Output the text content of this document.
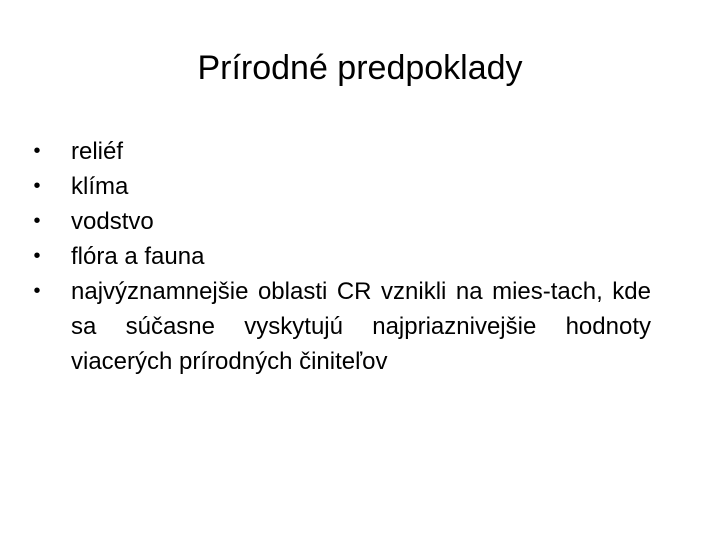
Prírodné predpoklady
• reliéf
• klíma
• vodstvo
• flóra a fauna
• najvýznamnejšie oblasti CR vznikli na mies-tach, kde sa súčasne vyskytujú najpriaznivejšie hodnoty viacerých prírodných činiteľov
